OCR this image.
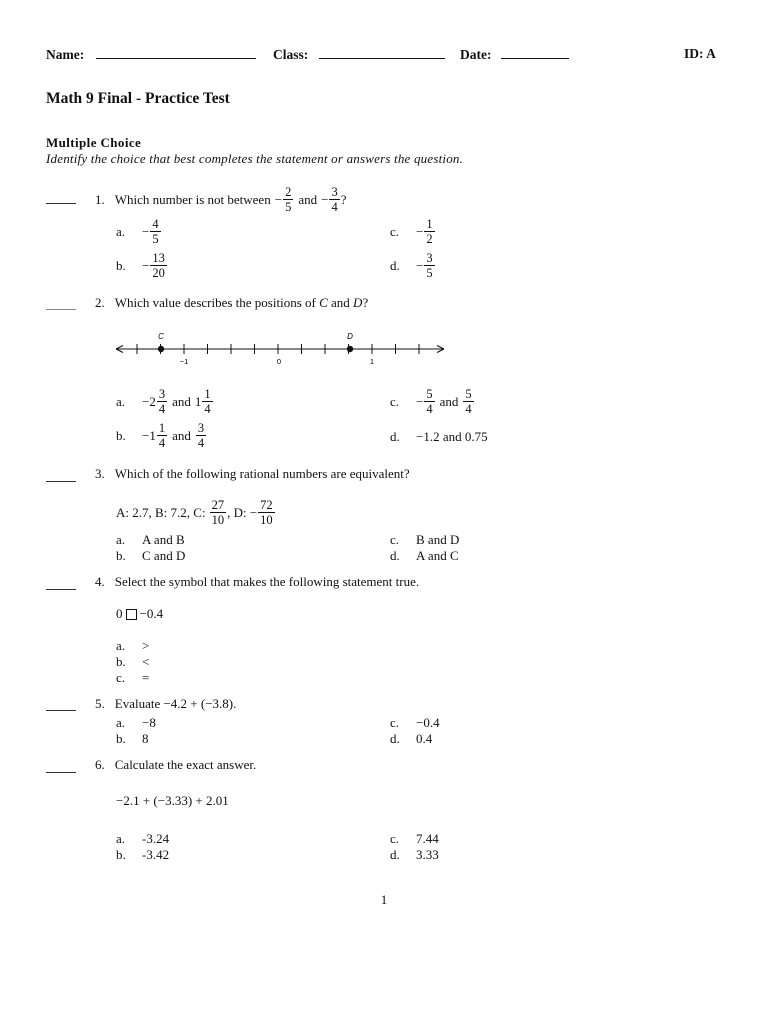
Name:	Class:	Date:	ID: A
Math 9 Final - Practice Test
Multiple Choice
Identify the choice that best completes the statement or answers the question.
1. Which number is not between − $\frac{2}{5}$ and − $\frac{3}{4}$ ?
a.	− $\frac{4}{5}$
b.	− $\frac{13}{20}$
c.	− $\frac{1}{2}$
d.	− $\frac{3}{5}$
2. Which value describes the positions of C and D ?
C	D
−1	0	1
a.	$-2 \frac{3}{4}$ and $1 \frac{1}{4}$
b.	$-1 \frac{1}{4}$ and $\frac{3}{4}$
c.	− $\frac{5}{4}$ and $\frac{5}{4}$
d.	−1.2 and 0.75
3. Which of the following rational numbers are equivalent?
A: 2.7, B: 7.2, C: $\frac{27}{10}$ , D: − $\frac{72}{10}$
a.	A and B
b.	C and D
c.	B and D
d.	A and C
4. Select the symbol that makes the following statement true.
0 −0.4
a.	>
b.	<
c.	=
5. Evaluate −4.2 + (−3.8).
a.	−8
b.	8
c.	−0.4
d.	0.4
6. Calculate the exact answer.
−2.1 + (−3.33) + 2.01
a.	-3.24
b.	-3.42
c.	7.44
d.	3.33
1
